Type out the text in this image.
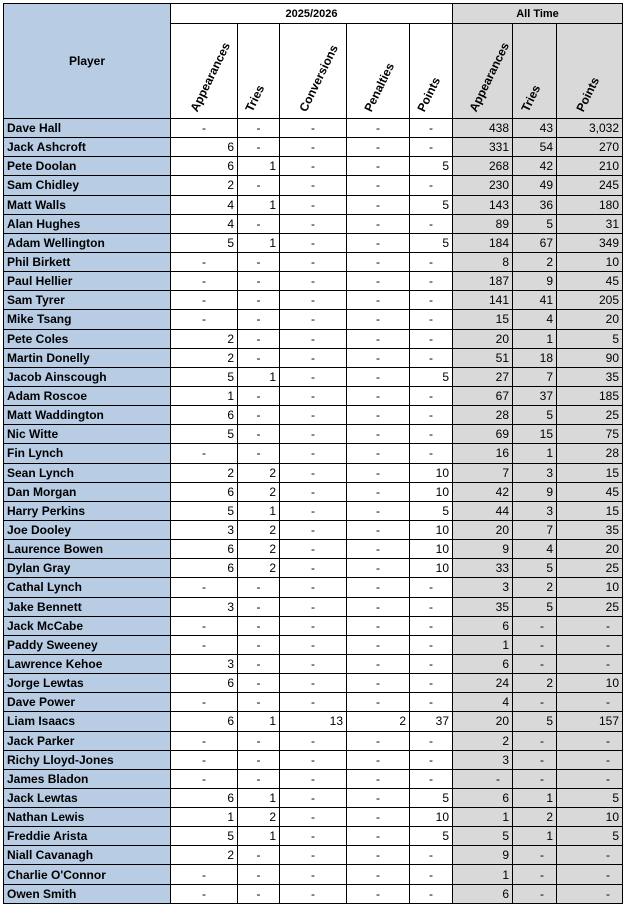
Player	2025/2026					All Time		

	Appearances	Tries	Conversions	Penalties	Points	Appearances	Tries	Points

Dave Hall	-	-	-	-	-	438	43	3,032
Jack Ashcroft	6	-	-	-	-	331	54	270
Pete Doolan	6	1	-	-	5	268	42	210
Sam Chidley	2	-	-	-	-	230	49	245
Matt Walls	4	1	-	-	5	143	36	180
Alan Hughes	4	-	-	-	-	89	5	31
Adam Wellington	5	1	-	-	5	184	67	349
Phil Birkett	-	-	-	-	-	8	2	10
Paul Hellier	-	-	-	-	-	187	9	45
Sam Tyrer	-	-	-	-	-	141	41	205
Mike Tsang	-	-	-	-	-	15	4	20
Pete Coles	2	-	-	-	-	20	1	5
Martin Donelly	2	-	-	-	-	51	18	90
Jacob Ainscough	5	1	-	-	5	27	7	35
Adam Roscoe	1	-	-	-	-	67	37	185
Matt Waddington	6	-	-	-	-	28	5	25
Nic Witte	5	-	-	-	-	69	15	75
Fin Lynch	-	-	-	-	-	16	1	28
Sean Lynch	2	2	-	-	10	7	3	15
Dan Morgan	6	2	-	-	10	42	9	45
Harry Perkins	5	1	-	-	5	44	3	15
Joe Dooley	3	2	-	-	10	20	7	35
Laurence Bowen	6	2	-	-	10	9	4	20
Dylan Gray	6	2	-	-	10	33	5	25
Cathal Lynch	-	-	-	-	-	3	2	10
Jake Bennett	3	-	-	-	-	35	5	25
Jack McCabe	-	-	-	-	-	6	-	-
Paddy Sweeney	-	-	-	-	-	1	-	-
Lawrence Kehoe	3	-	-	-	-	6	-	-
Jorge Lewtas	6	-	-	-	-	24	2	10
Dave Power	-	-	-	-	-	4	-	-
Liam Isaacs	6	1	13	2	37	20	5	157
Jack Parker	-	-	-	-	-	2	-	-
Richy Lloyd-Jones	-	-	-	-	-	3	-	-
James Bladon	-	-	-	-	-	-	-	-
Jack Lewtas	6	1	-	-	5	6	1	5
Nathan Lewis	1	2	-	-	10	1	2	10
Freddie Arista	5	1	-	-	5	5	1	5
Niall Cavanagh	2	-	-	-	-	9	-	-
Charlie O'Connor	-	-	-	-	-	1	-	-
Owen Smith	-	-	-	-	-	6	-	-
